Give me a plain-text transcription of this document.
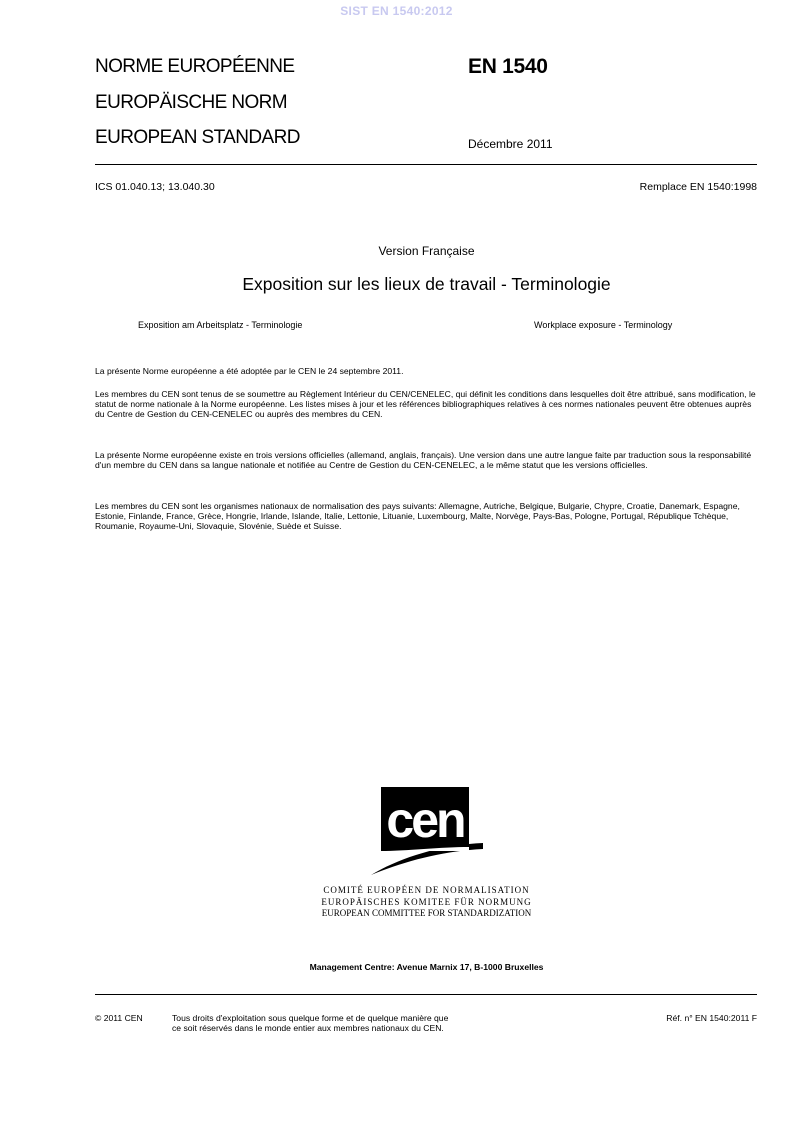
SIST EN 1540:2012
NORME EUROPÉENNE
EUROPÄISCHE NORM
EUROPEAN STANDARD
EN 1540
Décembre 2011
ICS 01.040.13; 13.040.30	Remplace EN 1540:1998
Version Française
Exposition sur les lieux de travail - Terminologie
Exposition am Arbeitsplatz - Terminologie	Workplace exposure - Terminology

La présente Norme européenne a été adoptée par le CEN le 24 septembre 2011.

Les membres du CEN sont tenus de se soumettre au Règlement Intérieur du CEN/CENELEC, qui définit les conditions dans lesquelles doit être attribué, sans modification, le statut de norme nationale à la Norme européenne. Les listes mises à jour et les références bibliographiques relatives à ces normes nationales peuvent être obtenues auprès du Centre de Gestion du CEN-CENELEC ou auprès des membres du CEN.

La présente Norme européenne existe en trois versions officielles (allemand, anglais, français). Une version dans une autre langue faite par traduction sous la responsabilité d'un membre du CEN dans sa langue nationale et notifiée au Centre de Gestion du CEN-CENELEC, a le même statut que les versions officielles.

Les membres du CEN sont les organismes nationaux de normalisation des pays suivants: Allemagne, Autriche, Belgique, Bulgarie, Chypre, Croatie, Danemark, Espagne, Estonie, Finlande, France, Grèce, Hongrie, Irlande, Islande, Italie, Lettonie, Lituanie, Luxembourg, Malte, Norvège, Pays-Bas, Pologne, Portugal, République Tchèque, Roumanie, Royaume-Uni, Slovaquie, Slovénie, Suède et Suisse.

cen
COMITÉ EUROPÉEN DE NORMALISATION
EUROPÄISCHES KOMITEE FÜR NORMUNG
EUROPEAN COMMITTEE FOR STANDARDIZATION
Management Centre: Avenue Marnix 17, B-1000 Bruxelles
© 2011 CEN	Tous droits d'exploitation sous quelque forme et de quelque manière que
ce soit réservés dans le monde entier aux membres nationaux du CEN.
Réf. n° EN 1540:2011 F
